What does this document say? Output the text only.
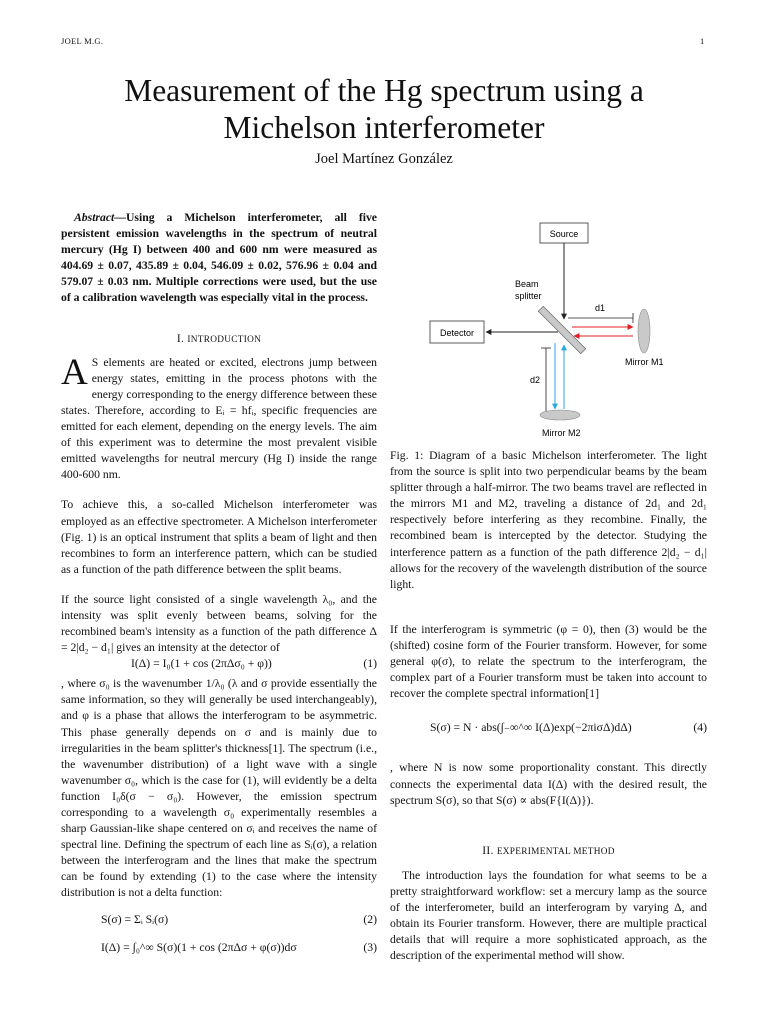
JOEL M.G.	1
Measurement of the Hg spectrum using a Michelson interferometer
Joel Martínez González

Abstract—Using a Michelson interferometer, all five persistent emission wavelengths in the spectrum of neutral mercury (Hg I) between 400 and 600 nm were measured as 404.69 ± 0.07, 435.89 ± 0.04, 546.09 ± 0.02, 576.96 ± 0.04 and 579.07 ± 0.03 nm. Multiple corrections were used, but the use of a calibration wavelength was especially vital in the process.

I. INTRODUCTION

A S elements are heated or excited, electrons jump between energy states, emitting in the process photons with the energy corresponding to the energy difference between these states. Therefore, according to Eᵢ = hfᵢ, specific frequencies are emitted for each element, depending on the energy levels. The aim of this experiment was to determine the most prevalent visible emitted wavelengths for neutral mercury (Hg I) inside the range 400-600 nm.

To achieve this, a so-called Michelson interferometer was employed as an effective spectrometer. A Michelson interferometer (Fig. 1) is an optical instrument that splits a beam of light and then recombines to form an interference pattern, which can be studied as a function of the path difference between the split beams.

If the source light consisted of a single wavelength λ₀, and the intensity was split evenly between beams, solving for the recombined beam's intensity as a function of the path difference Δ = 2|d₂ − d₁| gives an intensity at the detector of

I(Δ) = I₀(1 + cos (2πΔσ₀ + φ))	(1)

, where σ₀ is the wavenumber 1/λ₀ (λ and σ provide essentially the same information, so they will generally be used interchangeably), and φ is a phase that allows the interferogram to be asymmetric. This phase generally depends on σ and is mainly due to irregularities in the beam splitter's thickness[1]. The spectrum (i.e., the wavenumber distribution) of a light wave with a single wavenumber σ₀, which is the case for (1), will evidently be a delta function I₀δ(σ − σ₀). However, the emission spectrum corresponding to a wavelength σ₀ experimentally resembles a sharp Gaussian-like shape centered on σᵢ and receives the name of spectral line. Defining the spectrum of each line as Sᵢ(σ), a relation between the interferogram and the lines that make the spectrum can be found by extending (1) to the case where the intensity distribution is not a delta function:

S(σ) = Σᵢ Sᵢ(σ)	(2)
I(Δ) = ∫₀^∞ S(σ)(1 + cos (2πΔσ + φ(σ))dσ	(3)
Source
Beam
splitter
Detector
d1
Mirror M1
d2
Mirror M2
Fig. 1: Diagram of a basic Michelson interferometer. The light from the source is split into two perpendicular beams by the beam splitter through a half-mirror. The two beams travel are reflected in the mirrors M1 and M2, traveling a distance of 2d₁ and 2d₁ respectively before interfering as they recombine. Finally, the recombined beam is intercepted by the detector. Studying the interference pattern as a function of the path difference 2|d₂ − d₁| allows for the recovery of the wavelength distribution of the source light.

If the interferogram is symmetric (φ = 0), then (3) would be the (shifted) cosine form of the Fourier transform. However, for some general φ(σ), to relate the spectrum to the interferogram, the complex part of a Fourier transform must be taken into account to recover the complete spectral information[1]

S(σ) = N · abs(∫₋∞^∞ I(Δ)exp(−2πiσΔ)dΔ)	(4)

, where N is now some proportionality constant. This directly connects the experimental data I(Δ) with the desired result, the spectrum S(σ), so that S(σ) ∝ abs(F{I(Δ)}).

II. EXPERIMENTAL METHOD

The introduction lays the foundation for what seems to be a pretty straightforward workflow: set a mercury lamp as the source of the interferometer, build an interferogram by varying Δ, and obtain its Fourier transform. However, there are multiple practical details that will require a more sophisticated approach, as the description of the experimental method will show.
